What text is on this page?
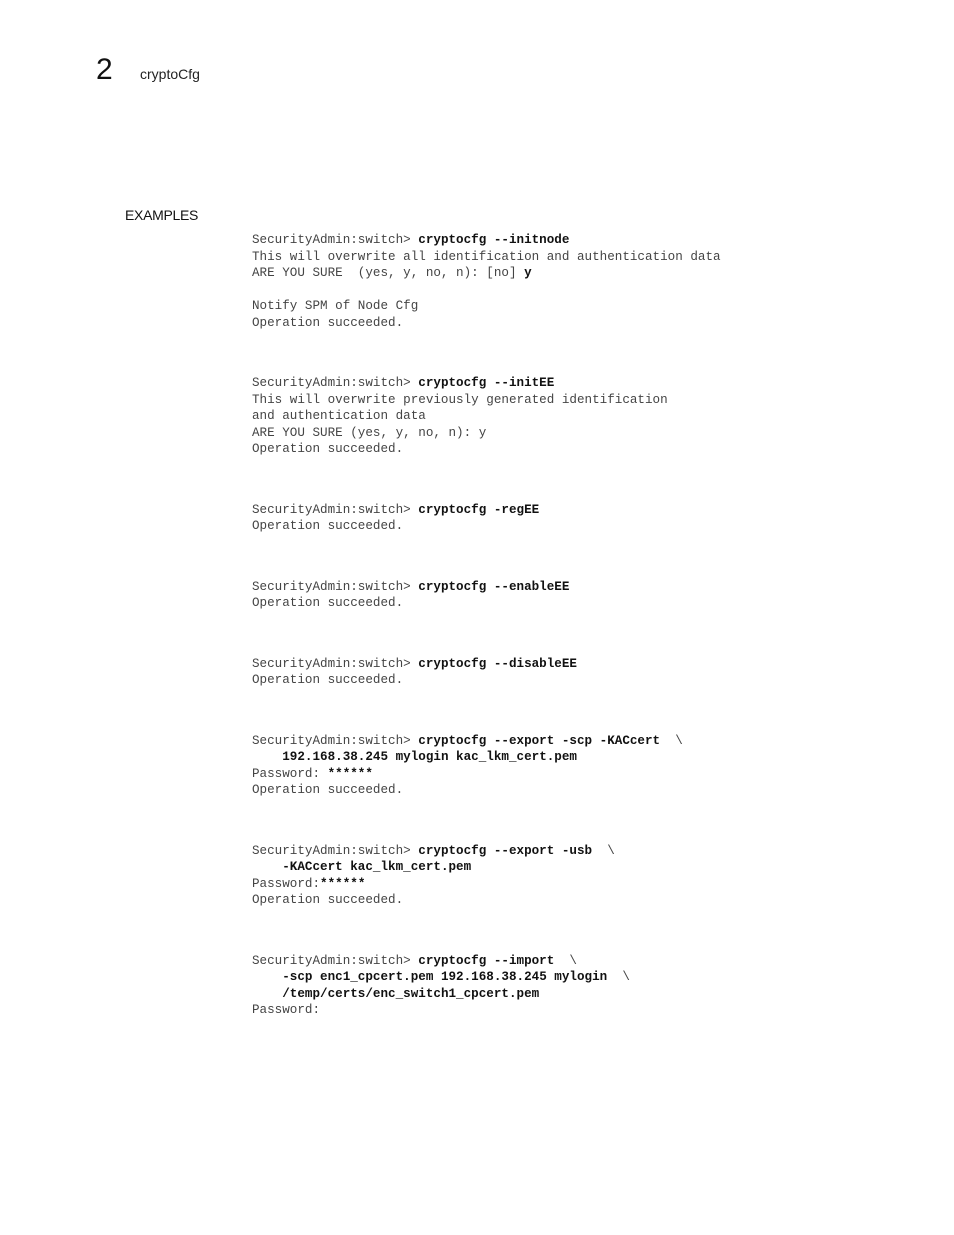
2 cryptoCfg
EXAMPLES
SecurityAdmin:switch> cryptocfg --initnode
This will overwrite all identification and authentication data
ARE YOU SURE  (yes, y, no, n): [no] y
Notify SPM of Node Cfg
Operation succeeded.
SecurityAdmin:switch> cryptocfg --initEE
This will overwrite previously generated identification
and authentication data
ARE YOU SURE (yes, y, no, n): y
Operation succeeded.
SecurityAdmin:switch> cryptocfg -regEE
Operation succeeded.
SecurityAdmin:switch> cryptocfg --enableEE
Operation succeeded.
SecurityAdmin:switch> cryptocfg --disableEE
Operation succeeded.
SecurityAdmin:switch> cryptocfg --export -scp -KACcert  \
192.168.38.245 mylogin kac_lkm_cert.pem
Password: ******
Operation succeeded.
SecurityAdmin:switch> cryptocfg --export -usb  \
-KACcert kac_lkm_cert.pem
Password:******
Operation succeeded.
SecurityAdmin:switch> cryptocfg --import  \
-scp enc1_cpcert.pem 192.168.38.245 mylogin  \
/temp/certs/enc_switch1_cpcert.pem
Password:
